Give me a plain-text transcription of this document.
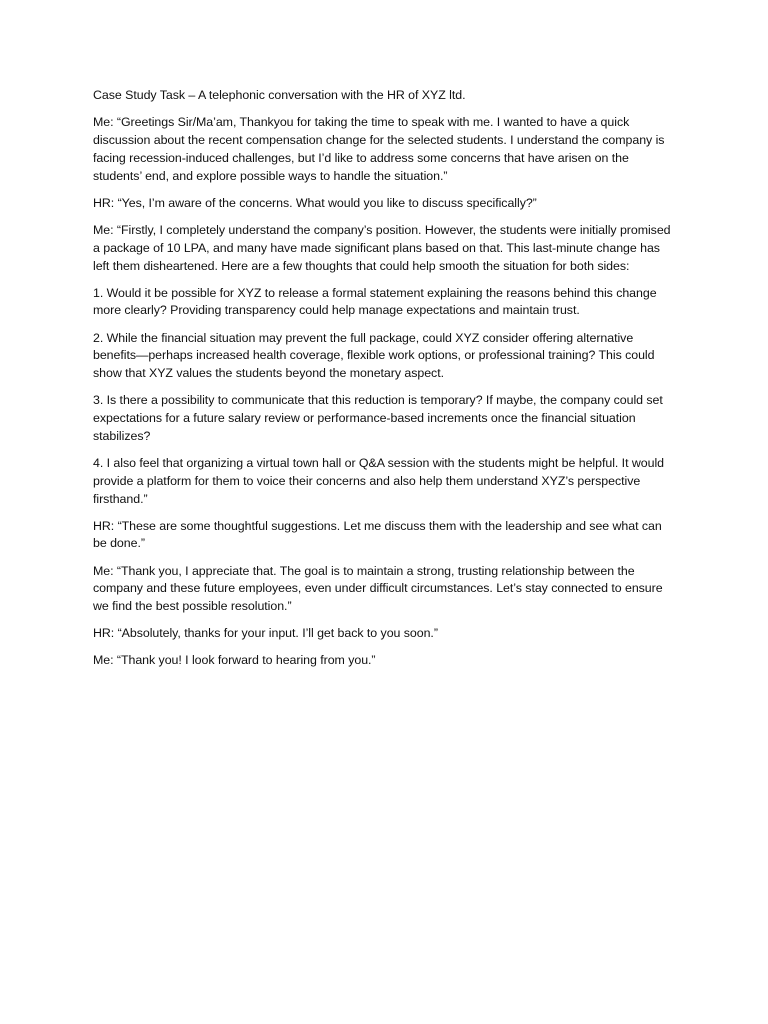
Case Study Task – A telephonic conversation with the HR of XYZ ltd.

Me: “Greetings Sir/Ma’am, Thankyou for taking the time to speak with me. I wanted to have a quick discussion about the recent compensation change for the selected students. I understand the company is facing recession-induced challenges, but I’d like to address some concerns that have arisen on the students’ end, and explore possible ways to handle the situation.”

HR: “Yes, I’m aware of the concerns. What would you like to discuss specifically?”

Me: “Firstly, I completely understand the company’s position. However, the students were initially promised a package of 10 LPA, and many have made significant plans based on that. This last-minute change has left them disheartened. Here are a few thoughts that could help smooth the situation for both sides:

1. Would it be possible for XYZ to release a formal statement explaining the reasons behind this change more clearly? Providing transparency could help manage expectations and maintain trust.

2. While the financial situation may prevent the full package, could XYZ consider offering alternative benefits—perhaps increased health coverage, flexible work options, or professional training? This could show that XYZ values the students beyond the monetary aspect.

3. Is there a possibility to communicate that this reduction is temporary? If maybe, the company could set expectations for a future salary review or performance-based increments once the financial situation stabilizes?

4. I also feel that organizing a virtual town hall or Q&A session with the students might be helpful. It would provide a platform for them to voice their concerns and also help them understand XYZ’s perspective firsthand.”

HR: “These are some thoughtful suggestions. Let me discuss them with the leadership and see what can be done.”

Me: “Thank you, I appreciate that. The goal is to maintain a strong, trusting relationship between the company and these future employees, even under difficult circumstances. Let’s stay connected to ensure we find the best possible resolution.”

HR: “Absolutely, thanks for your input. I’ll get back to you soon.”

Me: “Thank you! I look forward to hearing from you.”
